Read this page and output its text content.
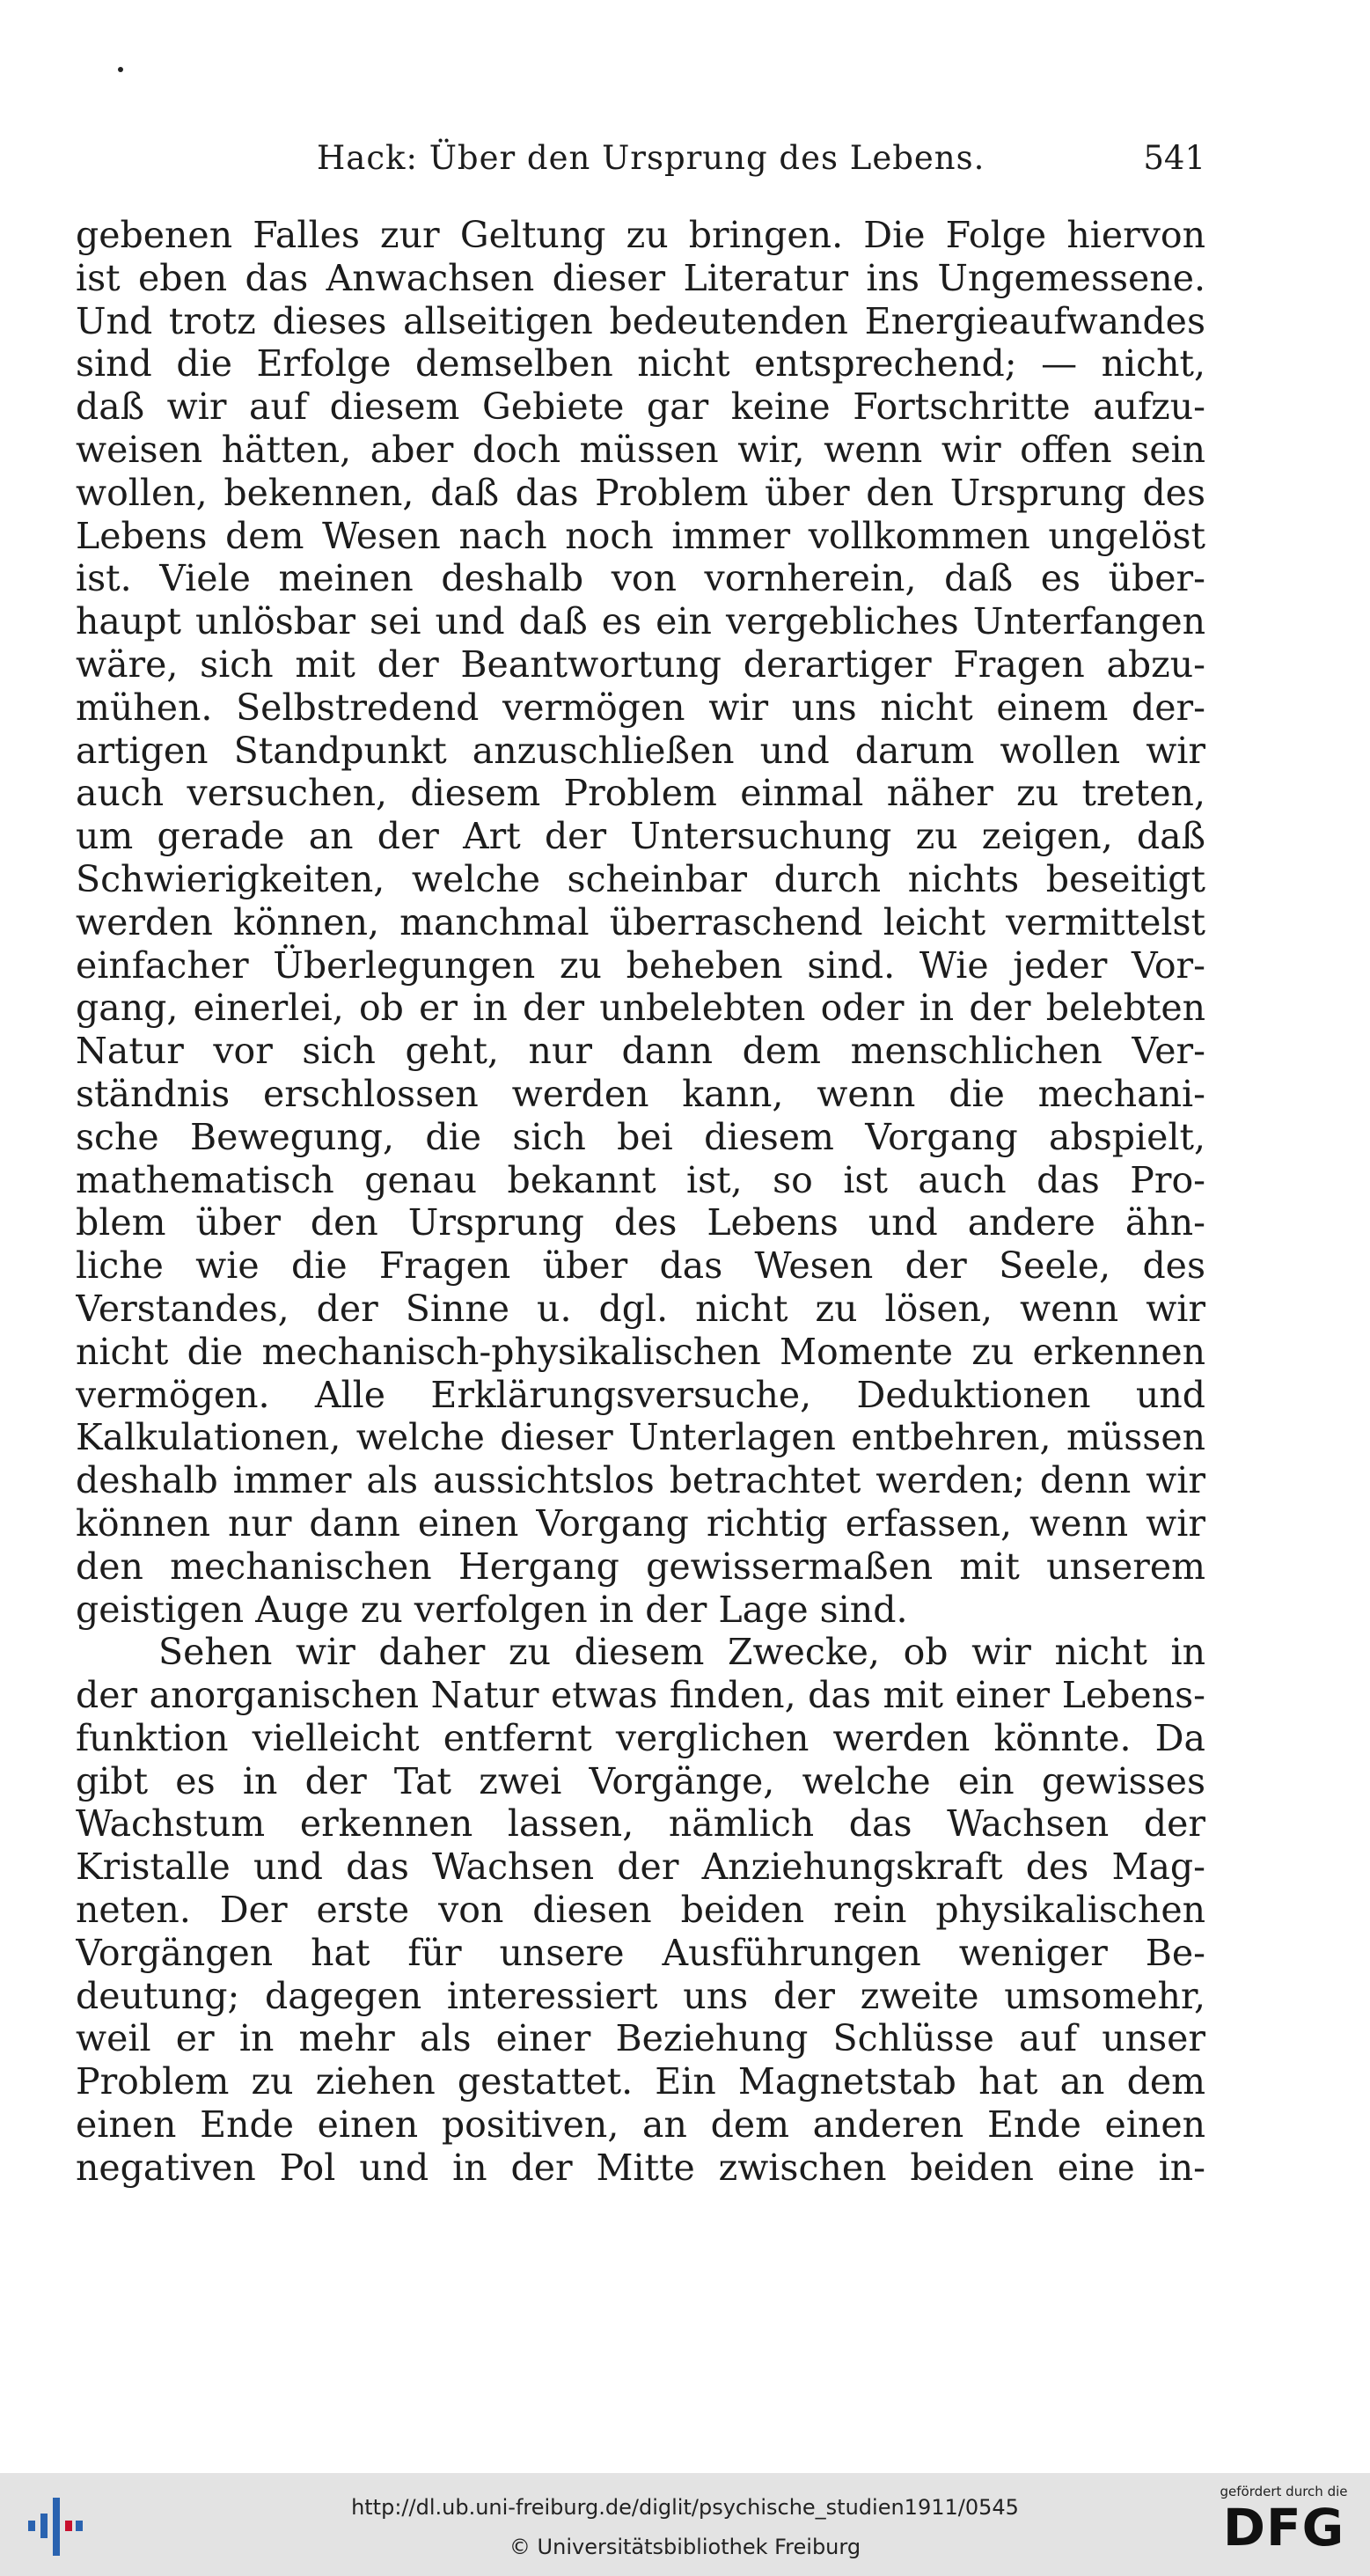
Hack: Über den Ursprung des Lebens.	541
gebenen Falles zur Geltung zu bringen. Die Folge hiervon
ist eben das Anwachsen dieser Literatur ins Ungemessene.
Und trotz dieses allseitigen bedeutenden Energieaufwandes
sind die Erfolge demselben nicht entsprechend; — nicht,
daß wir auf diesem Gebiete gar keine Fortschritte aufzu-
weisen hätten, aber doch müssen wir, wenn wir offen sein
wollen, bekennen, daß das Problem über den Ursprung des
Lebens dem Wesen nach noch immer vollkommen ungelöst
ist. Viele meinen deshalb von vornherein, daß es über-
haupt unlösbar sei und daß es ein vergebliches Unterfangen
wäre, sich mit der Beantwortung derartiger Fragen abzu-
mühen. Selbstredend vermögen wir uns nicht einem der-
artigen Standpunkt anzuschließen und darum wollen wir
auch versuchen, diesem Problem einmal näher zu treten,
um gerade an der Art der Untersuchung zu zeigen, daß
Schwierigkeiten, welche scheinbar durch nichts beseitigt
werden können, manchmal überraschend leicht vermittelst
einfacher Überlegungen zu beheben sind. Wie jeder Vor-
gang, einerlei, ob er in der unbelebten oder in der belebten
Natur vor sich geht, nur dann dem menschlichen Ver-
ständnis erschlossen werden kann, wenn die mechani-
sche Bewegung, die sich bei diesem Vorgang abspielt,
mathematisch genau bekannt ist, so ist auch das Pro-
blem über den Ursprung des Lebens und andere ähn-
liche wie die Fragen über das Wesen der Seele, des
Verstandes, der Sinne u. dgl. nicht zu lösen, wenn wir
nicht die mechanisch-physikalischen Momente zu erkennen
vermögen. Alle Erklärungsversuche, Deduktionen und
Kalkulationen, welche dieser Unterlagen entbehren, müssen
deshalb immer als aussichtslos betrachtet werden; denn wir
können nur dann einen Vorgang richtig erfassen, wenn wir
den mechanischen Hergang gewissermaßen mit unserem
geistigen Auge zu verfolgen in der Lage sind.
Sehen wir daher zu diesem Zwecke, ob wir nicht in
der anorganischen Natur etwas finden, das mit einer Lebens-
funktion vielleicht entfernt verglichen werden könnte. Da
gibt es in der Tat zwei Vorgänge, welche ein gewisses
Wachstum erkennen lassen, nämlich das Wachsen der
Kristalle und das Wachsen der Anziehungskraft des Mag-
neten. Der erste von diesen beiden rein physikalischen
Vorgängen hat für unsere Ausführungen weniger Be-
deutung; dagegen interessiert uns der zweite umsomehr,
weil er in mehr als einer Beziehung Schlüsse auf unser
Problem zu ziehen gestattet. Ein Magnetstab hat an dem
einen Ende einen positiven, an dem anderen Ende einen
negativen Pol und in der Mitte zwischen beiden eine in-
http://dl.ub.uni-freiburg.de/diglit/psychische_studien1911/0545
© Universitätsbibliothek Freiburg
gefördert durch die
DFG
